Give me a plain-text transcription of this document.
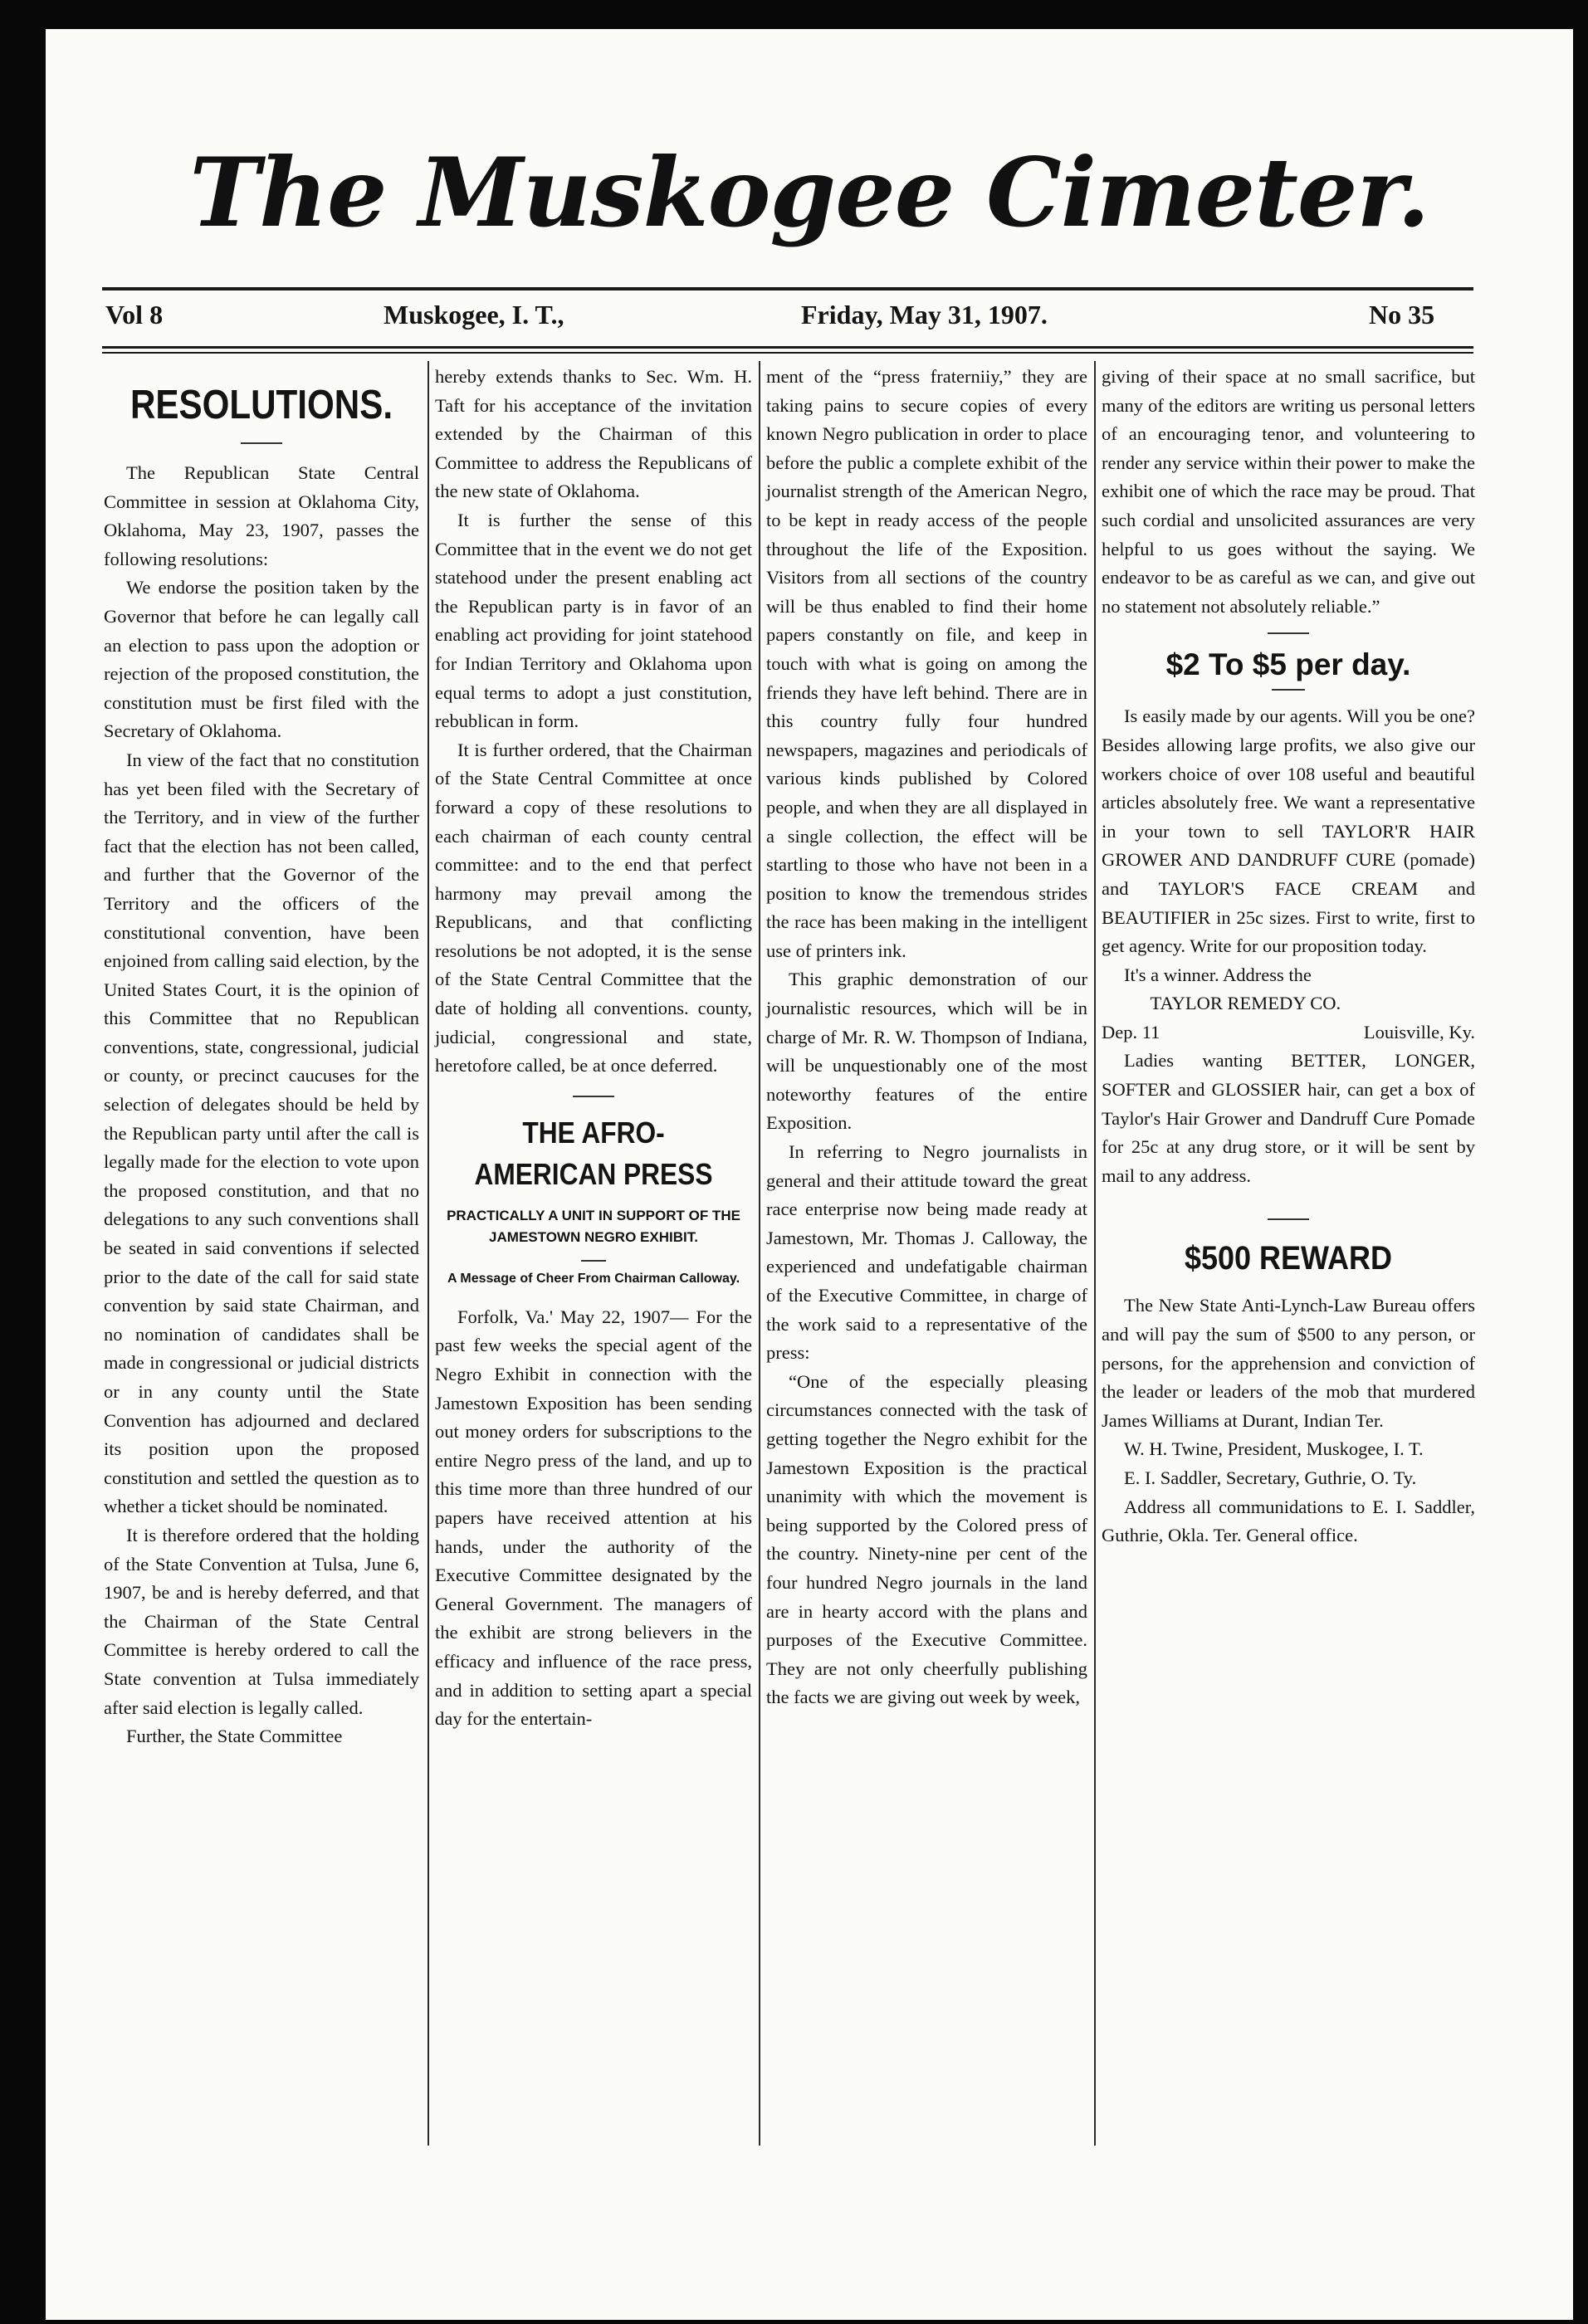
The Muskogee Cimeter.
Vol 8	Muskogee, I. T.,	Friday, May 31, 1907.	No 35
RESOLUTIONS.

The Republican State Central Committee in session at Oklahoma City, Oklahoma, May 23, 1907, passes the following resolutions:

We endorse the position taken by the Governor that before he can legally call an election to pass upon the adoption or rejection of the proposed constitution, the constitution must be first filed with the Secretary of Oklahoma.

In view of the fact that no constitution has yet been filed with the Secretary of the Territory, and in view of the further fact that the election has not been called, and further that the Governor of the Territory and the officers of the constitutional convention, have been enjoined from calling said election, by the United States Court, it is the opinion of this Committee that no Republican conventions, state, congressional, judicial or county, or precinct caucuses for the selection of delegates should be held by the Republican party until after the call is legally made for the election to vote upon the proposed constitution, and that no delegations to any such conventions shall be seated in said conventions if selected prior to the date of the call for said state convention by said state Chairman, and no nomination of candidates shall be made in congressional or judicial districts or in any county until the State Convention has adjourned and declared its position upon the proposed constitution and settled the question as to whether a ticket should be nominated.

It is therefore ordered that the holding of the State Convention at Tulsa, June 6, 1907, be and is hereby deferred, and that the Chairman of the State Central Committee is hereby ordered to call the State convention at Tulsa immediately after said election is legally called.

Further, the State Committee

hereby extends thanks to Sec. Wm. H. Taft for his acceptance of the invitation extended by the Chairman of this Committee to address the Republicans of the new state of Oklahoma.

It is further the sense of this Committee that in the event we do not get statehood under the present enabling act the Republican party is in favor of an enabling act providing for joint statehood for Indian Territory and Oklahoma upon equal terms to adopt a just constitution, rebublican in form.

It is further ordered, that the Chairman of the State Central Committee at once forward a copy of these resolutions to each chairman of each county central committee: and to the end that perfect harmony may prevail among the Republicans, and that conflicting resolutions be not adopted, it is the sense of the State Central Committee that the date of holding all conventions. county, judicial, congressional and state, heretofore called, be at once deferred.

THE AFRO-AMERICAN PRESS
PRACTICALLY A UNIT IN SUPPORT OF THE JAMESTOWN NEGRO EXHIBIT.
A Message of Cheer From Chairman Calloway.

Forfolk, Va.' May 22, 1907— For the past few weeks the special agent of the Negro Exhibit in connection with the Jamestown Exposition has been sending out money orders for subscriptions to the entire Negro press of the land, and up to this time more than three hundred of our papers have received attention at his hands, under the authority of the Executive Committee designated by the General Government. The managers of the exhibit are strong believers in the efficacy and influence of the race press, and in addition to setting apart a special day for the entertain-

ment of the “press fraterniiy,” they are taking pains to secure copies of every known Negro publication in order to place before the public a complete exhibit of the journalist strength of the American Negro, to be kept in ready access of the people throughout the life of the Exposition. Visitors from all sections of the country will be thus enabled to find their home papers constantly on file, and keep in touch with what is going on among the friends they have left behind. There are in this country fully four hundred newspapers, magazines and periodicals of various kinds published by Colored people, and when they are all displayed in a single collection, the effect will be startling to those who have not been in a position to know the tremendous strides the race has been making in the intelligent use of printers ink.

This graphic demonstration of our journalistic resources, which will be in charge of Mr. R. W. Thompson of Indiana, will be unquestionably one of the most noteworthy features of the entire Exposition.

In referring to Negro journalists in general and their attitude toward the great race enterprise now being made ready at Jamestown, Mr. Thomas J. Calloway, the experienced and undefatigable chairman of the Executive Committee, in charge of the work said to a representative of the press:

“One of the especially pleasing circumstances connected with the task of getting together the Negro exhibit for the Jamestown Exposition is the practical unanimity with which the movement is being supported by the Colored press of the country. Ninety-nine per cent of the four hundred Negro journals in the land are in hearty accord with the plans and purposes of the Executive Committee. They are not only cheerfully publishing the facts we are giving out week by week,

giving of their space at no small sacrifice, but many of the editors are writing us personal letters of an encouraging tenor, and volunteering to render any service within their power to make the exhibit one of which the race may be proud. That such cordial and unsolicited assurances are very helpful to us goes without the saying. We endeavor to be as careful as we can, and give out no statement not absolutely reliable.”

$2 To $5 per day.

Is easily made by our agents. Will you be one? Besides allowing large profits, we also give our workers choice of over 108 useful and beautiful articles absolutely free. We want a representative in your town to sell TAYLOR'R HAIR GROWER AND DANDRUFF CURE (pomade) and TAYLOR'S FACE CREAM and BEAUTIFIER in 25c sizes. First to write, first to get agency. Write for our proposition today.

It's a winner. Address the

TAYLOR REMEDY CO.

Dep. 11	Louisville, Ky.

Ladies wanting BETTER, LONGER, SOFTER and GLOSSIER hair, can get a box of Taylor's Hair Grower and Dandruff Cure Pomade for 25c at any drug store, or it will be sent by mail to any address.

$500 REWARD

The New State Anti-Lynch-Law Bureau offers and will pay the sum of $500 to any person, or persons, for the apprehension and conviction of the leader or leaders of the mob that murdered James Williams at Durant, Indian Ter.

W. H. Twine, President, Muskogee, I. T.

E. I. Saddler, Secretary, Guthrie, O. Ty.

Address all communidations to E. I. Saddler, Guthrie, Okla. Ter. General office.
